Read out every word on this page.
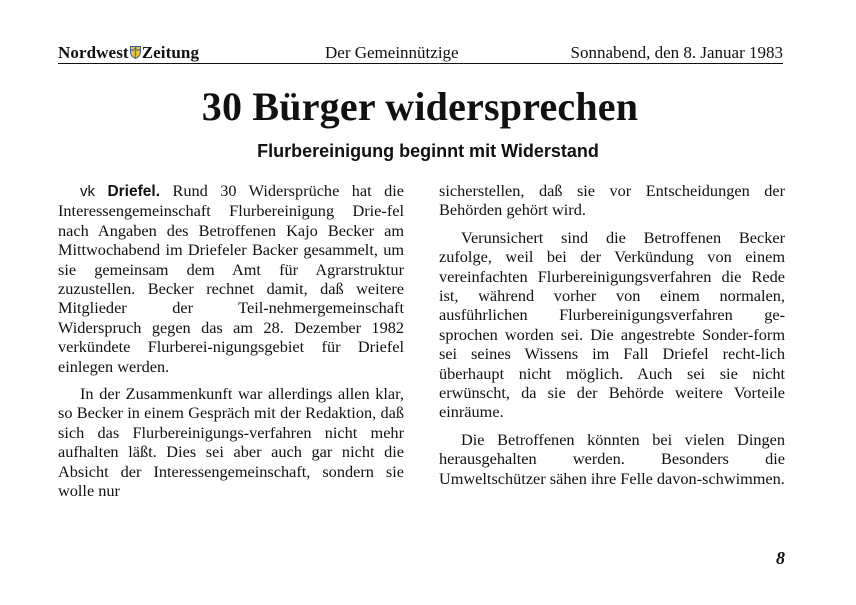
Nordwest Zeitung	Der Gemeinnützige	Sonnabend, den 8. Januar 1983
30 Bürger widersprechen
Flurbereinigung beginnt mit Widerstand

vk Driefel. Rund 30 Widersprüche hat die Interessengemeinschaft Flurbereinigung Drie-fel nach Angaben des Betroffenen Kajo Becker am Mittwochabend im Driefeler Backer gesammelt, um sie gemeinsam dem Amt für Agrarstruktur zuzustellen. Becker rechnet damit, daß weitere Mitglieder der Teil-nehmergemeinschaft Widerspruch gegen das am 28. Dezember 1982 verkündete Flurberei-nigungsgebiet für Driefel einlegen werden.

In der Zusammenkunft war allerdings allen klar, so Becker in einem Gespräch mit der Redaktion, daß sich das Flurbereinigungs-verfahren nicht mehr aufhalten läßt. Dies sei aber auch gar nicht die Absicht der Interessengemeinschaft, sondern sie wolle nur

sicherstellen, daß sie vor Entscheidungen der Behörden gehört wird.

Verunsichert sind die Betroffenen Becker zufolge, weil bei der Verkündung von einem vereinfachten Flurbereinigungsverfahren die Rede ist, während vorher von einem normalen, ausführlichen Flurbereinigungsverfahren ge-sprochen worden sei. Die angestrebte Sonder-form sei seines Wissens im Fall Driefel recht-lich überhaupt nicht möglich. Auch sei sie nicht erwünscht, da sie der Behörde weitere Vorteile einräume.

Die Betroffenen könnten bei vielen Dingen herausgehalten werden. Besonders die Umweltschützer sähen ihre Felle davon-schwimmen.

8
